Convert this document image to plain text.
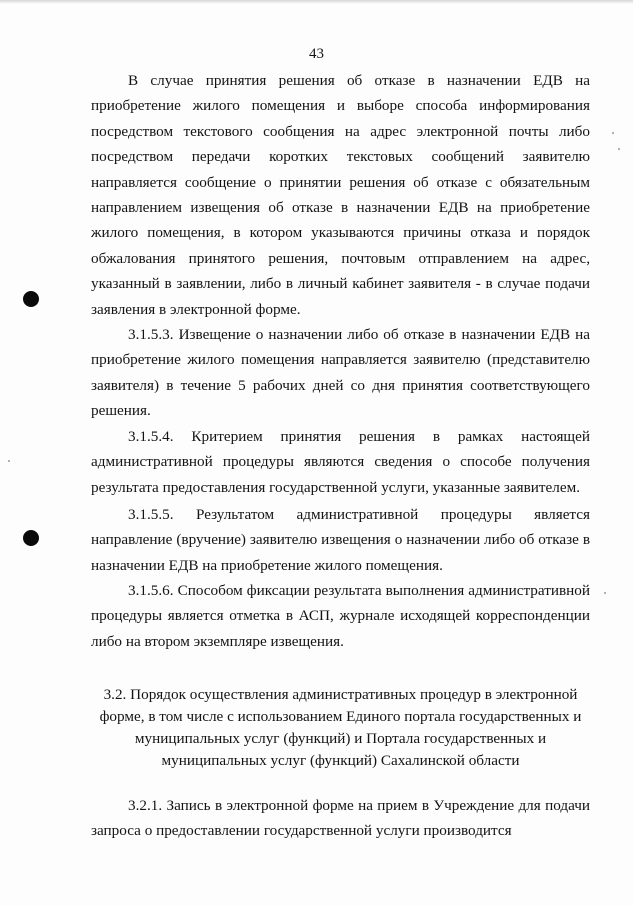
43

В случае принятия решения об отказе в назначении ЕДВ на приобретение жилого помещения и выборе способа информирования посредством текстового сообщения на адрес электронной почты либо посредством передачи коротких текстовых сообщений заявителю направляется сообщение о принятии решения об отказе с обязательным направлением извещения об отказе в назначении ЕДВ на приобретение жилого помещения, в котором указываются причины отказа и порядок обжалования принятого решения, почтовым отправлением на адрес, указанный в заявлении, либо в личный кабинет заявителя - в случае подачи заявления в электронной форме.

3.1.5.3. Извещение о назначении либо об отказе в назначении ЕДВ на приобретение жилого помещения направляется заявителю (представителю заявителя) в течение 5 рабочих дней со дня принятия соответствующего решения.

3.1.5.4. Критерием принятия решения в рамках настоящей административной процедуры являются сведения о способе получения результата предоставления государственной услуги, указанные заявителем.

3.1.5.5. Результатом административной процедуры является направление (вручение) заявителю извещения о назначении либо об отказе в назначении ЕДВ на приобретение жилого помещения.

3.1.5.6. Способом фиксации результата выполнения административной процедуры является отметка в АСП, журнале исходящей корреспонденции либо на втором экземпляре извещения.

3.2. Порядок осуществления административных процедур в электронной форме, в том числе с использованием Единого портала государственных и муниципальных услуг (функций) и Портала государственных и муниципальных услуг (функций) Сахалинской области

3.2.1. Запись в электронной форме на прием в Учреждение для подачи запроса о предоставлении государственной услуги производится
